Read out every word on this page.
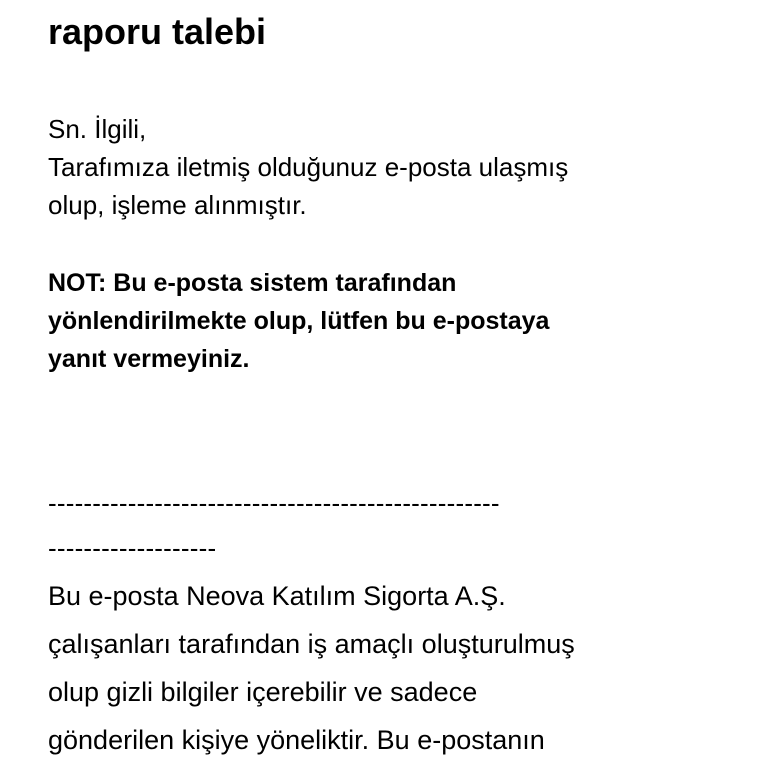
raporu talebi
Sn. İlgili,
Tarafımıza iletmiş olduğunuz e-posta ulaşmış
olup, işleme alınmıştır.
NOT: Bu e-posta sistem tarafından
yönlendirilmekte olup, lütfen bu e-postaya
yanıt vermeyiniz.
---------------------------------------------------
-------------------
Bu e-posta Neova Katılım Sigorta A.Ş.
çalışanları tarafından iş amaçlı oluşturulmuş
olup gizli bilgiler içerebilir ve sadece
gönderilen kişiye yöneliktir. Bu e-postanın
